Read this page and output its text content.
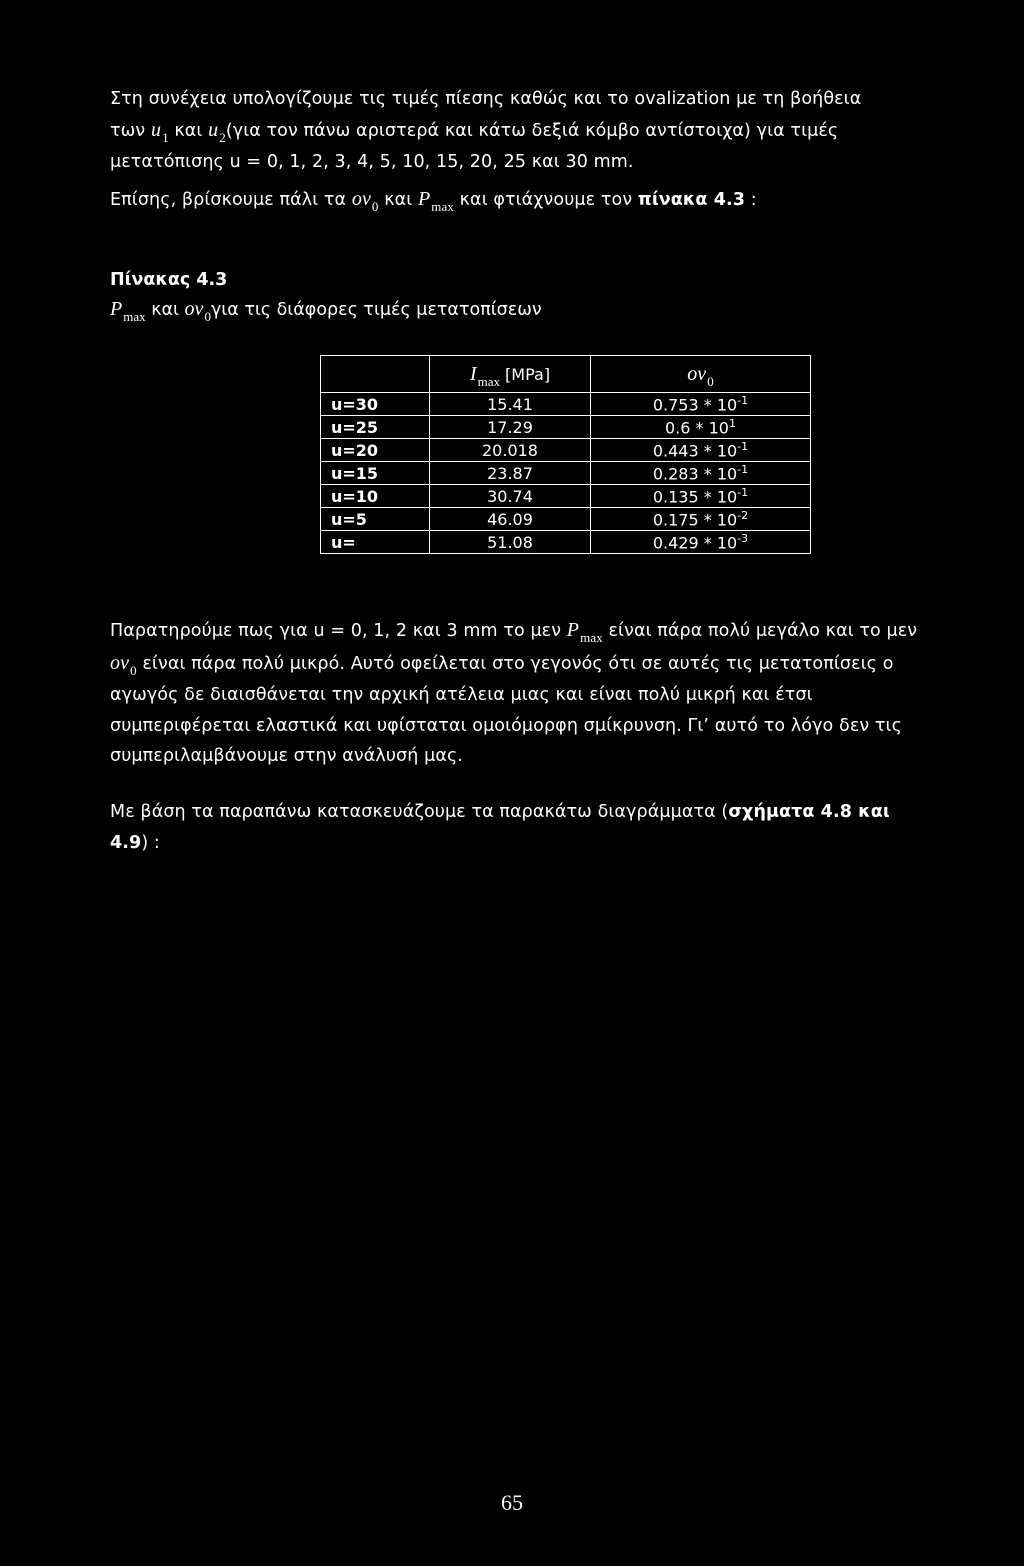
Στη συνέχεια υπολογίζουμε τις τιμές πίεσης καθώς και το ovalization με τη βοήθεια
των $u_1$ και $u_2(\gamma\iota\alpha$ τον πάνω αριστερά και κάτω δεξιά κόμβο αντίστοιχα) για τιμές
μετατόπισης u = 0, 1, 2, 3, 4, 5, 10, 15, 20, 25 και 30 mm.
Επίσης, βρίσκουμε πάλι τα $ov_0$ και $P_{max}$ και φτιάχνουμε τον πίνακα 4.3 :
Πίνακας 4.3
$P_{max}$ και $ov_0\gamma\iota\alpha$ τις διάφορες τιμές μετατοπίσεων
	$I_{max}$ [MPa]	$ov_0$
u=30	15.41	$0.753 * 10^{-1}$
u=25	17.29	$0.6 * 10^1$
u=20	20.018	$0.443 * 10^{-1}$
u=15	23.87	$0.283 * 10^{-1}$
u=10	30.74	$0.135 * 10^{-1}$
u=5	46.09	$0.175 * 10^{-2}$
u=	51.08	$0.429 * 10^{-3}$
Παρατηρούμε πως για u = 0, 1, 2 και 3 mm το μεν $P_{max}$ είναι πάρα πολύ μεγάλο και το μεν $ov_0$ είναι πάρα πολύ μικρό. Αυτό οφείλεται στο γεγονός ότι σε αυτές τις μετατοπίσεις ο αγωγός δε διαισθάνεται την αρχική ατέλεια μιας και είναι πολύ μικρή και έτσι συμπεριφέρεται ελαστικά και υφίσταται ομοιόμορφη σμίκρυνση. Γι’ αυτό το λόγο δεν τις συμπεριλαμβάνουμε στην ανάλυσή μας.
Με βάση τα παραπάνω κατασκευάζουμε τα παρακάτω διαγράμματα (σχήματα 4.8 και 4.9) :
65
